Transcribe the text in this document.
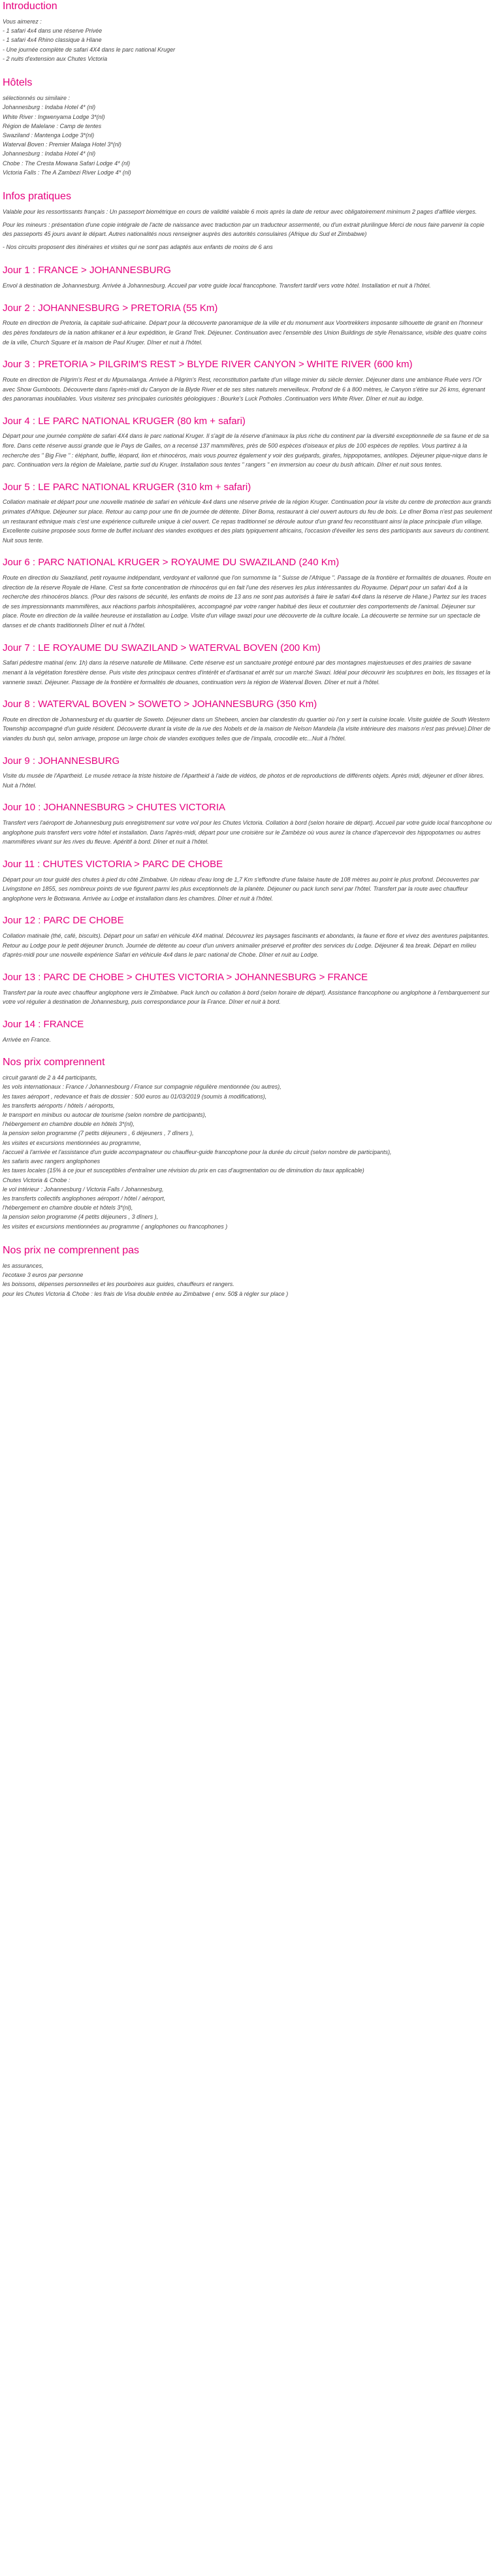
Introduction

Vous aimerez :

- 1 safari 4x4 dans une réserve Privée

- 1 safari 4x4 Rhino classique à Hlane

- Une journée complète de safari 4X4 dans le parc national Kruger

- 2 nuits d'extension aux Chutes Victoria

Hôtels

sélectionnés ou similaire :

Johannesburg : Indaba Hotel 4* (nl)

White River : Ingwenyama Lodge 3*(nl)

Région de Malelane : Camp de tentes

Swaziland : Mantenga Lodge 3*(nl)

Waterval Boven : Premier Malaga Hotel 3*(nl)

Johannesburg : Indaba Hotel 4* (nl)

Chobe : The Cresta Mowana Safari Lodge 4* (nl)

Victoria Falls : The A Zambezi River Lodge 4* (nl)

Infos pratiques

Valable pour les ressortissants français : Un passeport biométrique en cours de validité valable 6 mois après la date de retour avec obligatoirement minimum 2 pages d'affilée vierges.

Pour les mineurs : présentation d'une copie intégrale de l'acte de naissance avec traduction par un traducteur assermenté, ou d'un extrait plurilingue Merci de nous faire parvenir la copie des passeports 45 jours avant le départ. Autres nationalités nous renseigner auprès des autorités consulaires (Afrique du Sud et Zimbabwe)

- Nos circuits proposent des itinéraires et visites qui ne sont pas adaptés aux enfants de moins de 6 ans

Jour 1 : FRANCE > JOHANNESBURG

Envol à destination de Johannesburg. Arrivée à Johannesburg. Accueil par votre guide local francophone. Transfert tardif vers votre hôtel. Installation et nuit à l'hôtel.

Jour 2 : JOHANNESBURG > PRETORIA (55 Km)

Route en direction de Pretoria, la capitale sud-africaine. Départ pour la découverte panoramique de la ville et du monument aux Voortrekkers imposante silhouette de granit en l'honneur des pères fondateurs de la nation afrikaner et à leur expédition, le Grand Trek. Déjeuner. Continuation avec l'ensemble des Union Buildings de style Renaissance, visible des quatre coins de la ville, Church Square et la maison de Paul Kruger. Dîner et nuit à l'hôtel.

Jour 3 : PRETORIA > PILGRIM'S REST > BLYDE RIVER CANYON > WHITE RIVER (600 km)

Route en direction de Pilgrim's Rest et du Mpumalanga. Arrivée à Pilgrim's Rest, reconstitution parfaite d'un village minier du siècle dernier. Déjeuner dans une ambiance Ruée vers l'Or avec Show Gumboots. Découverte dans l'après-midi du Canyon de la Blyde River et de ses sites naturels merveilleux. Profond de 6 à 800 mètres, le Canyon s'étire sur 26 kms, égrenant des panoramas inoubliables. Vous visiterez ses principales curiosités géologiques : Bourke's Luck Potholes .Continuation vers White River. Dîner et nuit au lodge.

Jour 4 : LE PARC NATIONAL KRUGER (80 km + safari)

Départ pour une journée complète de safari 4X4 dans le parc national Kruger. Il s'agit de la réserve d'animaux la plus riche du continent par la diversité exceptionnelle de sa faune et de sa flore. Dans cette réserve aussi grande que le Pays de Galles, on a recensé 137 mammifères, près de 500 espèces d'oiseaux et plus de 100 espèces de reptiles. Vous partirez à la recherche des " Big Five " : éléphant, buffle, léopard, lion et rhinocéros, mais vous pourrez également y voir des guépards, girafes, hippopotames, antilopes. Déjeuner pique-nique dans le parc. Continuation vers la région de Malelane, partie sud du Kruger. Installation sous tentes " rangers " en immersion au coeur du bush africain. Dîner et nuit sous tentes.

Jour 5 : LE PARC NATIONAL KRUGER (310 km + safari)

Collation matinale et départ pour une nouvelle matinée de safari en véhicule 4x4 dans une réserve privée de la région Kruger. Continuation pour la visite du centre de protection aux grands primates d'Afrique. Déjeuner sur place. Retour au camp pour une fin de journée de détente. Dîner Boma, restaurant à ciel ouvert autours du feu de bois. Le dîner Boma n'est pas seulement un restaurant ethnique mais c'est une expérience culturelle unique à ciel ouvert. Ce repas traditionnel se déroule autour d'un grand feu reconstituant ainsi la place principale d'un village. Excellente cuisine proposée sous forme de buffet incluant des viandes exotiques et des plats typiquement africains, l'occasion d'éveiller les sens des participants aux saveurs du continent. Nuit sous tente.

Jour 6 : PARC NATIONAL KRUGER > ROYAUME DU SWAZILAND (240 Km)

Route en direction du Swaziland, petit royaume indépendant, verdoyant et vallonné que l'on surnomme la " Suisse de l'Afrique ". Passage de la frontière et formalités de douanes. Route en direction de la réserve Royale de Hlane. C'est sa forte concentration de rhinocéros qui en fait l'une des réserves les plus intéressantes du Royaume. Départ pour un safari 4x4 à la recherche des rhinocéros blancs. (Pour des raisons de sécurité, les enfants de moins de 13 ans ne sont pas autorisés à faire le safari 4x4 dans la réserve de Hlane.) Partez sur les traces de ses impressionnants mammifères, aux réactions parfois inhospitalières, accompagné par votre ranger habitué des lieux et couturnier des comportements de l'animal. Déjeuner sur place. Route en direction de la vallée heureuse et installation au Lodge. Visite d'un village swazi pour une découverte de la culture locale. La découverte se termine sur un spectacle de danses et de chants traditionnels Dîner et nuit à l'hôtel.

Jour 7 : LE ROYAUME DU SWAZILAND > WATERVAL BOVEN (200 Km)

Safari pédestre matinal (env. 1h) dans la réserve naturelle de Mlilwane. Cette réserve est un sanctuaire protégé entouré par des montagnes majestueuses et des prairies de savane menant à la végétation forestière dense. Puis visite des principaux centres d'intérêt et d'artisanat et arrêt sur un marché Swazi. Idéal pour découvrir les sculptures en bois, les tissages et la vannerie swazi. Déjeuner. Passage de la frontière et formalités de douanes, continuation vers la région de Waterval Boven. Dîner et nuit à l'hôtel.

Jour 8 : WATERVAL BOVEN > SOWETO > JOHANNESBURG (350 Km)

Route en direction de Johannesburg et du quartier de Soweto. Déjeuner dans un Shebeen, ancien bar clandestin du quartier où l'on y sert la cuisine locale. Visite guidée de South Western Township accompagné d'un guide résident. Découverte durant la visite de la rue des Nobels et de la maison de Nelson Mandela (la visite intérieure des maisons n'est pas prévue).Dîner de viandes du bush qui, selon arrivage, propose un large choix de viandes exotiques telles que de l'impala, crocodile etc...Nuit à l'hôtel.

Jour 9 : JOHANNESBURG

Visite du musée de l'Apartheid. Le musée retrace la triste histoire de l'Apartheid à l'aide de vidéos, de photos et de reproductions de différents objets. Après midi, déjeuner et dîner libres. Nuit à l'hôtel.

Jour 10 : JOHANNESBURG > CHUTES VICTORIA

Transfert vers l'aéroport de Johannesburg puis enregistrement sur votre vol pour les Chutes Victoria. Collation à bord (selon horaire de départ). Accueil par votre guide local francophone ou anglophone puis transfert vers votre hôtel et installation. Dans l'après-midi, départ pour une croisière sur le Zambèze où vous aurez la chance d'apercevoir des hippopotames ou autres mammifères vivant sur les rives du fleuve. Apéritif à bord. Dîner et nuit à l'hôtel.

Jour 11 : CHUTES VICTORIA > PARC DE CHOBE

Départ pour un tour guidé des chutes à pied du côté Zimbabwe. Un rideau d'eau long de 1,7 Km s'effondre d'une falaise haute de 108 mètres au point le plus profond. Découvertes par Livingstone en 1855, ses nombreux points de vue figurent parmi les plus exceptionnels de la planète. Déjeuner ou pack lunch servi par l'hôtel. Transfert par la route avec chauffeur anglophone vers le Botswana. Arrivée au Lodge et installation dans les chambres. Dîner et nuit à l'hôtel.

Jour 12 : PARC DE CHOBE

Collation matinale (thé, café, biscuits). Départ pour un safari en véhicule 4X4 matinal. Découvrez les paysages fascinants et abondants, la faune et flore et vivez des aventures palpitantes. Retour au Lodge pour le petit déjeuner brunch. Journée de détente au coeur d'un univers animalier préservé et profiter des services du Lodge. Déjeuner & tea break. Départ en milieu d'après-midi pour une nouvelle expérience Safari en véhicule 4x4 dans le parc national de Chobe. Dîner et nuit au Lodge.

Jour 13 : PARC DE CHOBE > CHUTES VICTORIA > JOHANNESBURG > FRANCE

Transfert par la route avec chauffeur anglophone vers le Zimbabwe. Pack lunch ou collation à bord (selon horaire de départ). Assistance francophone ou anglophone à l'embarquement sur votre vol régulier à destination de Johannesburg, puis correspondance pour la France. Dîner et nuit à bord.

Jour 14 : FRANCE

Arrivée en France.

Nos prix comprennent

circuit garanti de 2 à 44 participants,

les vols internationaux : France / Johannesbourg / France sur compagnie régulière mentionnée (ou autres),

les taxes aéroport , redevance et frais de dossier : 500 euros au 01/03/2019 (soumis à modifications),

les transferts aéroports / hôtels / aéroports,

le transport en minibus ou autocar de tourisme (selon nombre de participants),

l'hébergement en chambre double en hôtels 3*(nl),

la pension selon programme (7 petits déjeuners , 6 déjeuners , 7 dîners ),

les visites et excursions mentionnées au programme,

l'accueil à l'arrivée et l'assistance d'un guide accompagnateur ou chauffeur-guide francophone pour la durée du circuit (selon nombre de participants),

les safaris avec rangers anglophones

les taxes locales (15% à ce jour et susceptibles d'entraîner une révision du prix en cas d'augmentation ou de diminution du taux applicable)

Chutes Victoria & Chobe :

le vol intérieur : Johannesburg / Victoria Falls / Johannesburg,

les transferts collectifs anglophones aéroport / hôtel / aéroport,

l'hébergement en chambre double et hôtels 3*(nl),

la pension selon programme (4 petits déjeuners , 3 dîners ),

les visites et excursions mentionnées au programme ( anglophones ou francophones )

Nos prix ne comprennent pas

les assurances,

l'ecotaxe 3 euros par personne

les boissons, dépenses personnelles et les pourboires aux guides, chauffeurs et rangers.

pour les Chutes Victoria & Chobe : les frais de Visa double entrée au Zimbabwe ( env. 50$ à régler sur place )
